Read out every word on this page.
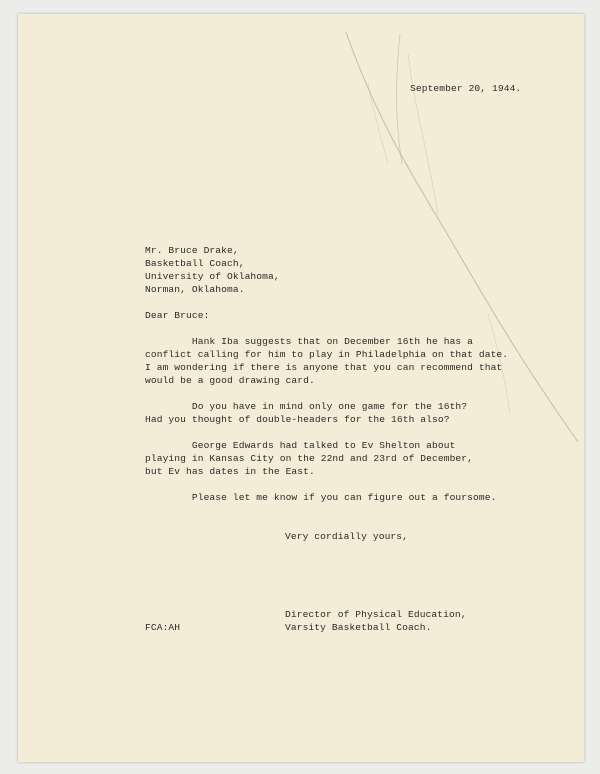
September 20, 1944.
Mr. Bruce Drake,
Basketball Coach,
University of Oklahoma,
Norman, Oklahoma.
Dear Bruce:
Hank Iba suggests that on December 16th he has a
conflict calling for him to play in Philadelphia on that date.
I am wondering if there is anyone that you can recommend that
would be a good drawing card.
Do you have in mind only one game for the 16th?
Had you thought of double-headers for the 16th also?
George Edwards had talked to Ev Shelton about
playing in Kansas City on the 22nd and 23rd of December,
but Ev has dates in the East.
Please let me know if you can figure out a foursome.
Very cordially yours,
Director of Physical Education,
Varsity Basketball Coach.
FCA:AH
